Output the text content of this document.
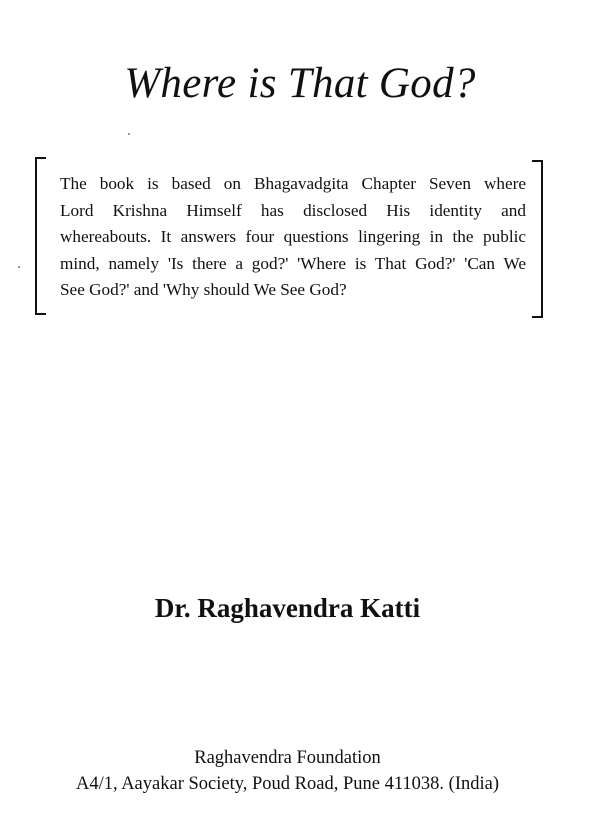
Where is That God?

The book is based on Bhagavadgita Chapter Seven where
Lord Krishna Himself has disclosed His identity and
whereabouts. It answers four questions lingering in the public
mind, namely 'Is there a god?' 'Where is That God?' 'Can We
See God?' and 'Why should We See God?

Dr. Raghavendra Katti
Raghavendra Foundation
A4/1, Aayakar Society, Poud Road, Pune 411038. (India)
